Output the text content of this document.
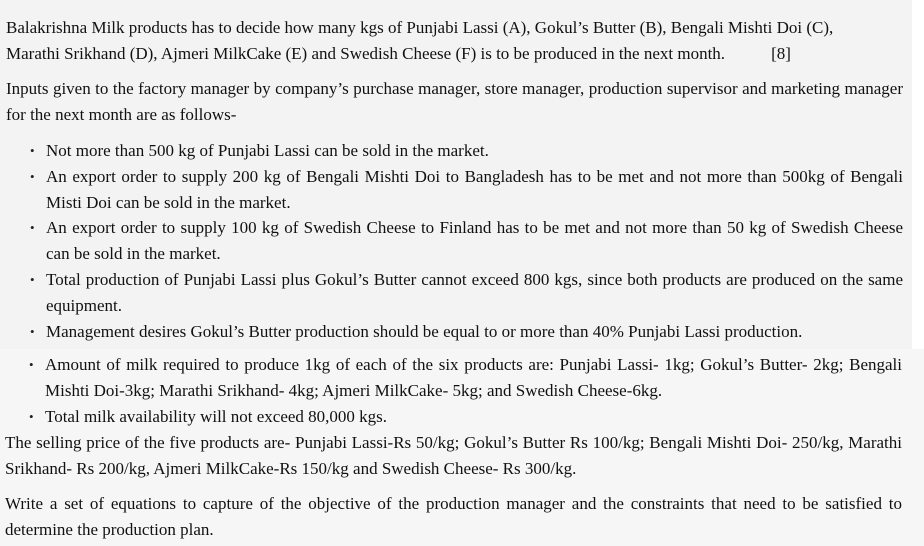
Balakrishna Milk products has to decide how many kgs of Punjabi Lassi (A), Gokul’s Butter (B), Bengali Mishti Doi (C),
Marathi Srikhand (D), Ajmeri MilkCake (E) and Swedish Cheese (F) is to be produced in the next month.	[8]

Inputs given to the factory manager by company’s purchase manager, store manager, production supervisor and marketing manager for the next month are as follows-

• Not more than 500 kg of Punjabi Lassi can be sold in the market.
• An export order to supply 200 kg of Bengali Mishti Doi to Bangladesh has to be met and not more than 500kg of Bengali Misti Doi can be sold in the market.
• An export order to supply 100 kg of Swedish Cheese to Finland has to be met and not more than 50 kg of Swedish Cheese can be sold in the market.
• Total production of Punjabi Lassi plus Gokul’s Butter cannot exceed 800 kgs, since both products are produced on the same equipment.
• Management desires Gokul’s Butter production should be equal to or more than 40% Punjabi Lassi production.
• Amount of milk required to produce 1kg of each of the six products are: Punjabi Lassi- 1kg; Gokul’s Butter- 2kg; Bengali Mishti Doi-3kg; Marathi Srikhand- 4kg; Ajmeri MilkCake- 5kg; and Swedish Cheese-6kg.
• Total milk availability will not exceed 80,000 kgs.

The selling price of the five products are- Punjabi Lassi-Rs 50/kg; Gokul’s Butter Rs 100/kg; Bengali Mishti Doi- 250/kg, Marathi Srikhand- Rs 200/kg, Ajmeri MilkCake-Rs 150/kg and Swedish Cheese- Rs 300/kg.

Write a set of equations to capture of the objective of the production manager and the constraints that need to be satisfied to determine the production plan.
